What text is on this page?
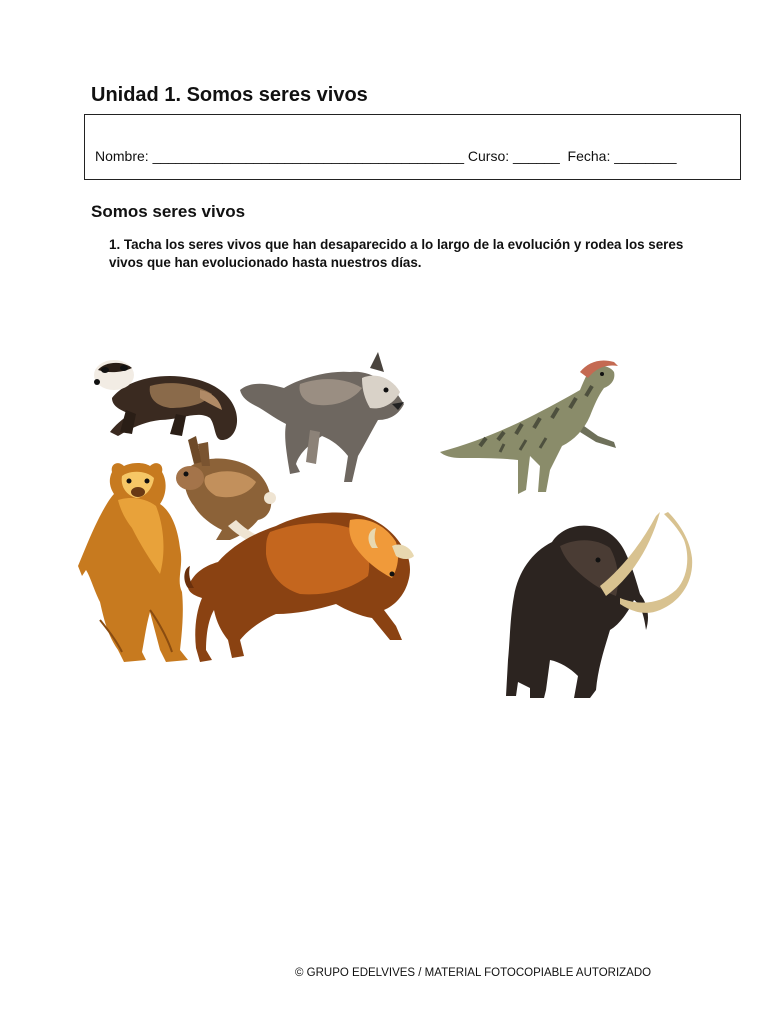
Unidad 1. Somos seres vivos
Nombre: ________________________________________ Curso: ______  Fecha: ________
Somos seres vivos

1. Tacha los seres vivos que han desaparecido a lo largo de la evolución y rodea los seres vivos que han evolucionado hasta nuestros días.

© GRUPO EDELVIVES / MATERIAL FOTOCOPIABLE AUTORIZADO
